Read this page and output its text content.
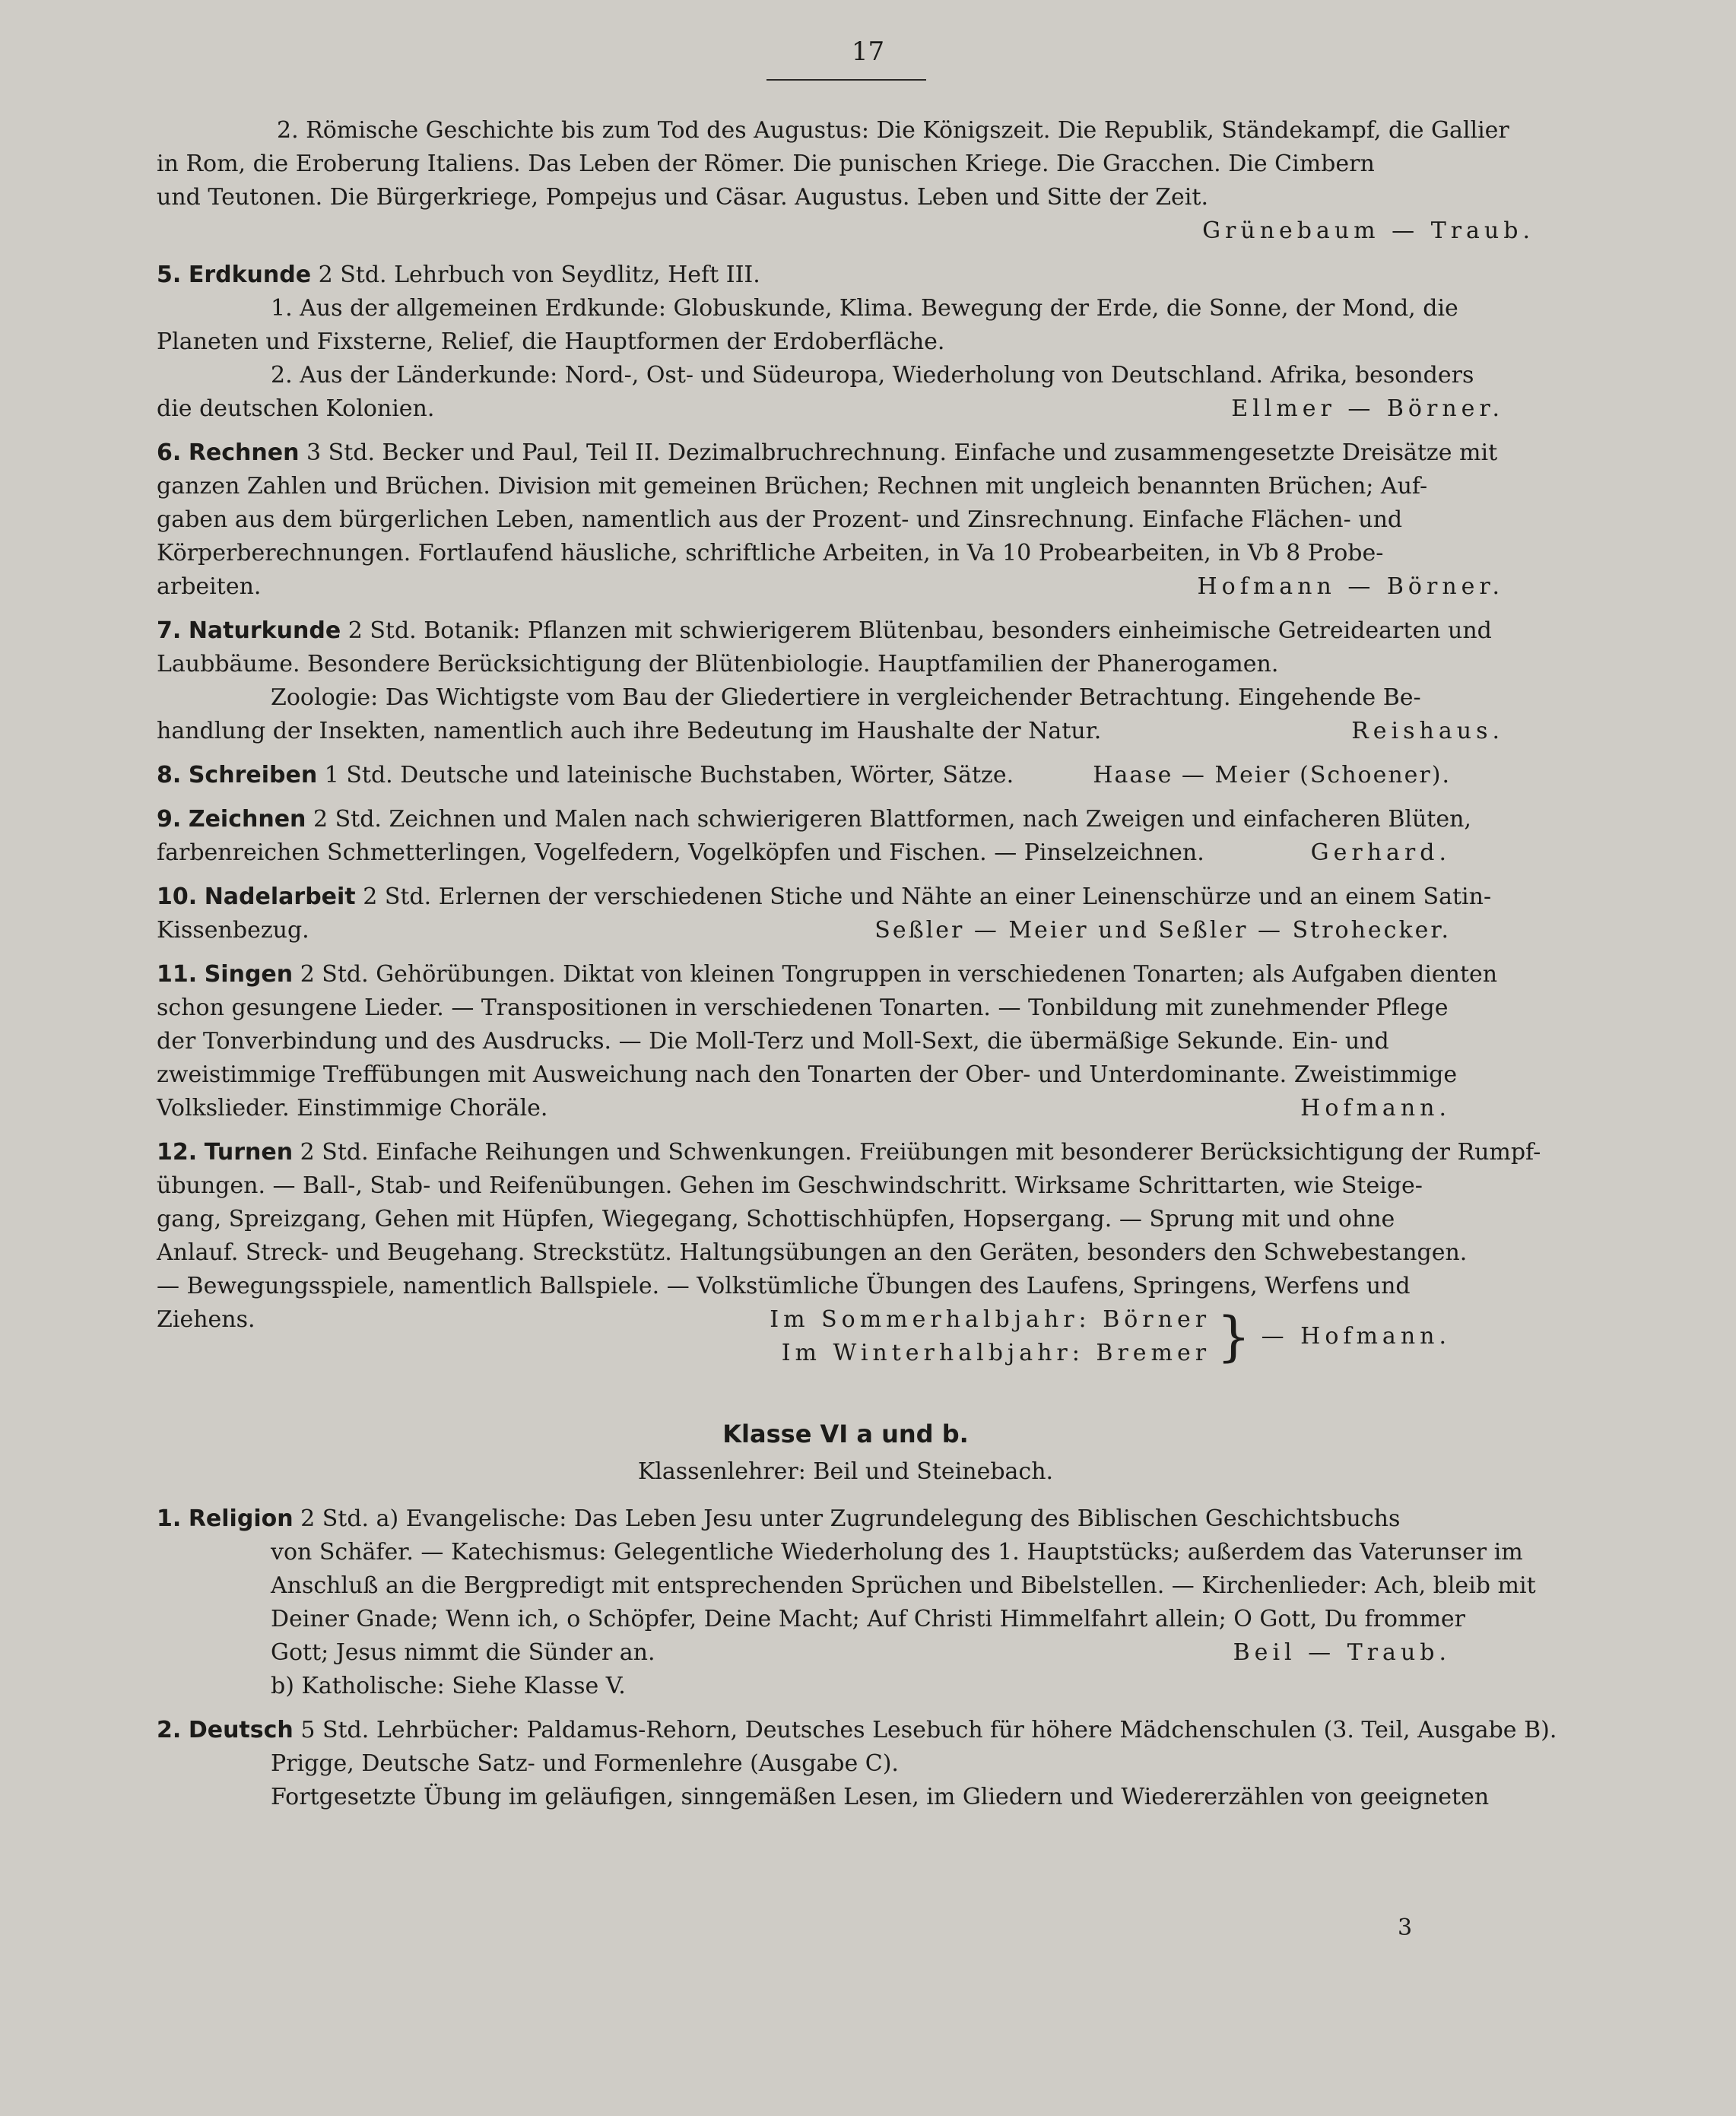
17
2. Römische Geschichte bis zum Tod des Augustus: Die Königszeit. Die Republik, Ständekampf, die Gallier
in Rom, die Eroberung Italiens. Das Leben der Römer. Die punischen Kriege. Die Gracchen. Die Cimbern
und Teutonen. Die Bürgerkriege, Pompejus und Cäsar. Augustus. Leben und Sitte der Zeit.
Grünebaum — Traub.
5.
Erdkunde
2 Std. Lehrbuch von Seydlitz, Heft III.
1. Aus der allgemeinen Erdkunde: Globuskunde, Klima. Bewegung der Erde, die Sonne, der Mond, die
Planeten und Fixsterne, Relief, die Hauptformen der Erdoberfläche.
2. Aus der Länderkunde: Nord-, Ost- und Südeuropa, Wiederholung von Deutschland. Afrika, besonders
die deutschen Kolonien.	Ellmer — Börner.
6. Rechnen 3 Std. Becker und Paul, Teil II. Dezimalbruchrechnung. Einfache und zusammengesetzte Dreisätze mit
ganzen Zahlen und Brüchen. Division mit gemeinen Brüchen; Rechnen mit ungleich benannten Brüchen; Auf-
gaben aus dem bürgerlichen Leben, namentlich aus der Prozent- und Zinsrechnung. Einfache Flächen- und
Körperberechnungen. Fortlaufend häusliche, schriftliche Arbeiten, in Va 10 Probearbeiten, in Vb 8 Probe-
arbeiten.	Hofmann — Börner.
7. Naturkunde 2 Std. Botanik: Pflanzen mit schwierigerem Blütenbau, besonders einheimische Getreidearten und
Laubbäume. Besondere Berücksichtigung der Blütenbiologie. Hauptfamilien der Phanerogamen.
Zoologie: Das Wichtigste vom Bau der Gliedertiere in vergleichender Betrachtung. Eingehende Be-
handlung der Insekten, namentlich auch ihre Bedeutung im Haushalte der Natur.	Reishaus.
8. Schreiben 1 Std. Deutsche und lateinische Buchstaben, Wörter, Sätze.	Haase — Meier (Schoener).
9. Zeichnen 2 Std. Zeichnen und Malen nach schwierigeren Blattformen, nach Zweigen und einfacheren Blüten,
farbenreichen Schmetterlingen, Vogelfedern, Vogelköpfen und Fischen. — Pinselzeichnen.	Gerhard.
10. Nadelarbeit 2 Std. Erlernen der verschiedenen Stiche und Nähte an einer Leinenschürze und an einem Satin-
Kissenbezug.	Seßler — Meier und Seßler — Strohecker.
11. Singen 2 Std. Gehörübungen. Diktat von kleinen Tongruppen in verschiedenen Tonarten; als Aufgaben dienten
schon gesungene Lieder. — Transpositionen in verschiedenen Tonarten. — Tonbildung mit zunehmender Pflege
der Tonverbindung und des Ausdrucks. — Die Moll-Terz und Moll-Sext, die übermäßige Sekunde. Ein- und
zweistimmige Treffübungen mit Ausweichung nach den Tonarten der Ober- und Unterdominante. Zweistimmige
Volkslieder. Einstimmige Choräle.	Hofmann.
12. Turnen 2 Std. Einfache Reihungen und Schwenkungen. Freiübungen mit besonderer Berücksichtigung der Rumpf-
übungen. — Ball-, Stab- und Reifenübungen. Gehen im Geschwindschritt. Wirksame Schrittarten, wie Steige-
gang, Spreizgang, Gehen mit Hüpfen, Wiegegang, Schottischhüpfen, Hopsergang. — Sprung mit und ohne
Anlauf. Streck- und Beugehang. Streckstütz. Haltungsübungen an den Geräten, besonders den Schwebestangen.
— Bewegungsspiele, namentlich Ballspiele. — Volkstümliche Übungen des Laufens, Springens, Werfens und
Ziehens.	Im Sommerhalbjahr: Börner
Im Winterhalbjahr: Bremer } — Hofmann.
Klasse VI a und b.
Klassenlehrer: Beil und Steinebach.
1. Religion 2 Std. a) Evangelische: Das Leben Jesu unter Zugrundelegung des Biblischen Geschichtsbuchs
von Schäfer. — Katechismus: Gelegentliche Wiederholung des 1. Hauptstücks; außerdem das Vaterunser im
Anschluß an die Bergpredigt mit entsprechenden Sprüchen und Bibelstellen. — Kirchenlieder: Ach, bleib mit
Deiner Gnade; Wenn ich, o Schöpfer, Deine Macht; Auf Christi Himmelfahrt allein; O Gott, Du frommer
Gott; Jesus nimmt die Sünder an.	Beil — Traub.
b) Katholische: Siehe Klasse V.
2. Deutsch 5 Std. Lehrbücher: Paldamus-Rehorn, Deutsches Lesebuch für höhere Mädchenschulen (3. Teil, Ausgabe B).
Prigge, Deutsche Satz- und Formenlehre (Ausgabe C).
Fortgesetzte Übung im geläufigen, sinngemäßen Lesen, im Gliedern und Wiedererzählen von geeigneten
3
